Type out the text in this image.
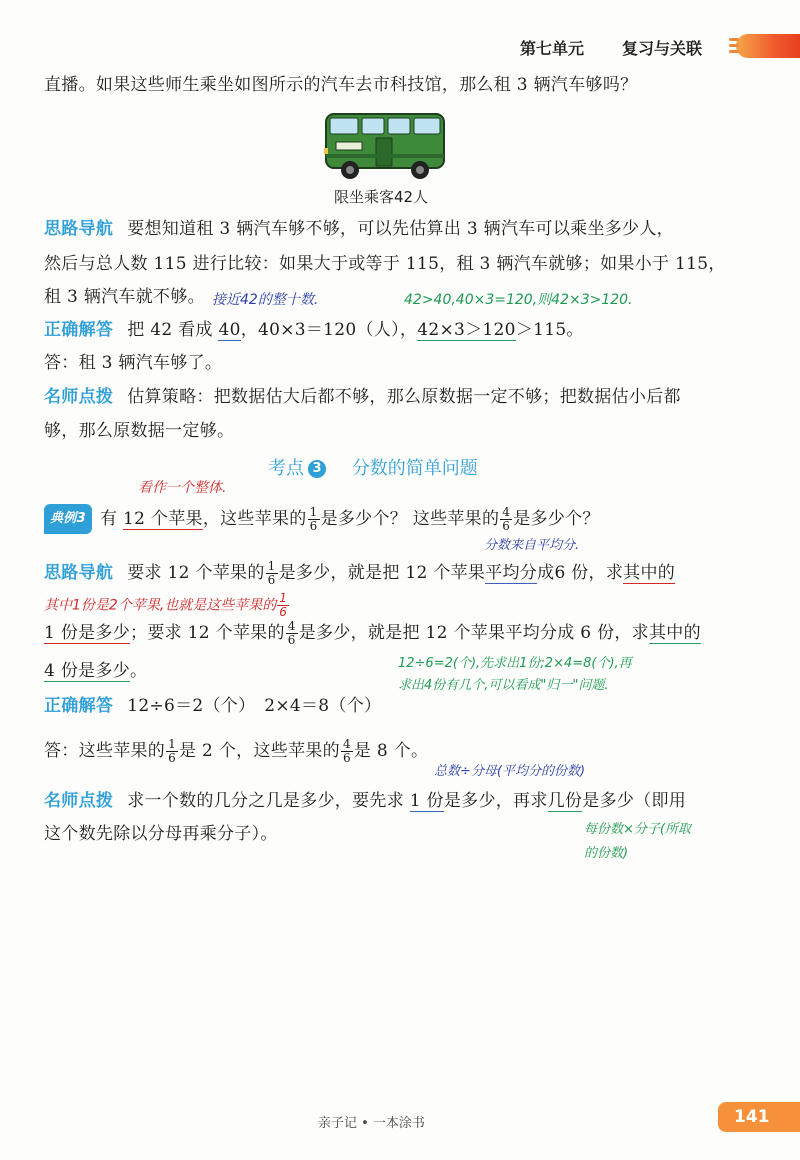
第七单元 复习与关联
直播。如果这些师生乘坐如图所示的汽车去市科技馆，那么租 3 辆汽车够吗？
限坐乘客42人
思路导航 要想知道租 3 辆汽车够不够，可以先估算出 3 辆汽车可以乘坐多少人，
然后与总人数 115 进行比较：如果大于或等于 115，租 3 辆汽车就够；如果小于 115，
租 3 辆汽车就不够。 接近42的整十数.	42>40,40×3=120,则42×3>120.
正确解答 把 42 看成 40，40×3＝120（人），42×3＞120＞115。
答：租 3 辆汽车够了。
名师点拨 估算策略：把数据估大后都不够，那么原数据一定不够；把数据估小后都
够，那么原数据一定够。
考点 3 分数的简单问题
看作一个整体.
典例3 有 12 个苹果，这些苹果的 $\frac{1}{6}$ 是多少个？ 这些苹果的 $\frac{4}{6}$ 是多少个？
分数来自平均分.
思路导航 要求 12 个苹果的 $\frac{1}{6}$ 是多少，就是把 12 个苹果平均分成6 份，求其中的
其中1份是2个苹果,也就是这些苹果的 $\frac{1}{6}$
1 份是多少；要求 12 个苹果的 $\frac{4}{6}$ 是多少，就是把 12 个苹果平均分成 6 份，求其中的
4 份是多少。	12÷6=2(个),先求出1份;2×4=8(个),再
求出4份有几个,可以看成"归一"问题.
正确解答 12÷6＝2（个）　2×4＝8（个）
答：这些苹果的 $\frac{1}{6}$ 是 2 个，这些苹果的 $\frac{4}{6}$ 是 8 个。
总数÷分母(平均分的份数)
名师点拨 求一个数的几分之几是多少，要先求 1 份是多少，再求几份是多少（即用
这个数先除以分母再乘分子）。	每份数×分子(所取
的份数)
亲子记 • 一本涂书	141
